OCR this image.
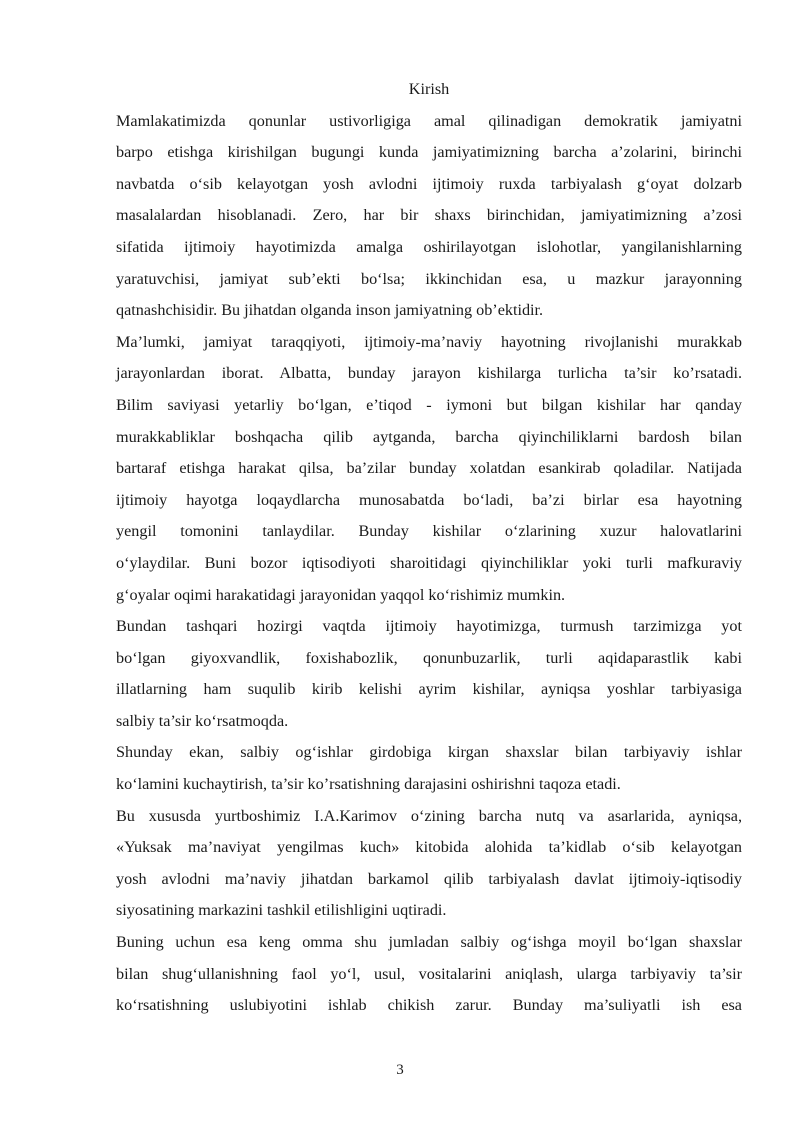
Kirish

Mamlakatimizda qonunlar ustivorligiga amal qilinadigan demokratik jamiyatni
barpo etishga kirishilgan bugungi kunda jamiyatimizning barcha a’zolarini, birinchi
navbatda o‘sib kelayotgan yosh avlodni ijtimoiy ruxda tarbiyalash g‘oyat dolzarb
masalalardan hisoblanadi. Zero, har bir shaxs birinchidan, jamiyatimizning a’zosi
sifatida ijtimoiy hayotimizda amalga oshirilayotgan islohotlar, yangilanishlarning
yaratuvchisi, jamiyat sub’ekti bo‘lsa; ikkinchidan esa, u mazkur jarayonning
qatnashchisidir. Bu jihatdan olganda inson jamiyatning ob’ektidir.

Ma’lumki, jamiyat taraqqiyoti, ijtimoiy-ma’naviy hayotning rivojlanishi murakkab
jarayonlardan iborat. Albatta, bunday jarayon kishilarga turlicha ta’sir ko’rsatadi.
Bilim saviyasi yetarliy bo‘lgan, e’tiqod - iymoni but bilgan kishilar har qanday
murakkabliklar boshqacha qilib aytganda, barcha qiyinchiliklarni bardosh bilan
bartaraf etishga harakat qilsa, ba’zilar bunday xolatdan esankirab qoladilar. Natijada
ijtimoiy hayotga loqaydlarcha munosabatda bo‘ladi, ba’zi birlar esa hayotning
yengil tomonini tanlaydilar. Bunday kishilar o‘zlarining xuzur halovatlarini
o‘ylaydilar. Buni bozor iqtisodiyoti sharoitidagi qiyinchiliklar yoki turli mafkuraviy
g‘oyalar oqimi harakatidagi jarayonidan yaqqol ko‘rishimiz mumkin.

Bundan tashqari hozirgi vaqtda ijtimoiy hayotimizga, turmush tarzimizga yot
bo‘lgan giyoxvandlik, foxishabozlik, qonunbuzarlik, turli aqidaparastlik kabi
illatlarning ham suqulib kirib kelishi ayrim kishilar, ayniqsa yoshlar tarbiyasiga
salbiy ta’sir ko‘rsatmoqda.

Shunday ekan, salbiy og‘ishlar girdobiga kirgan shaxslar bilan tarbiyaviy ishlar
ko‘lamini kuchaytirish, ta’sir ko’rsatishning darajasini oshirishni taqoza etadi.

Bu xususda yurtboshimiz I.A.Karimov o‘zining barcha nutq va asarlarida, ayniqsa,
«Yuksak ma’naviyat yengilmas kuch» kitobida alohida ta’kidlab o‘sib kelayotgan
yosh avlodni ma’naviy jihatdan barkamol qilib tarbiyalash davlat ijtimoiy-iqtisodiy
siyosatining markazini tashkil etilishligini uqtiradi.

Buning uchun esa keng omma shu jumladan salbiy og‘ishga moyil bo‘lgan shaxslar
bilan shug‘ullanishning faol yo‘l, usul, vositalarini aniqlash, ularga tarbiyaviy ta’sir
ko‘rsatishning uslubiyotini ishlab chikish zarur. Bunday ma’suliyatli ish esa

3
